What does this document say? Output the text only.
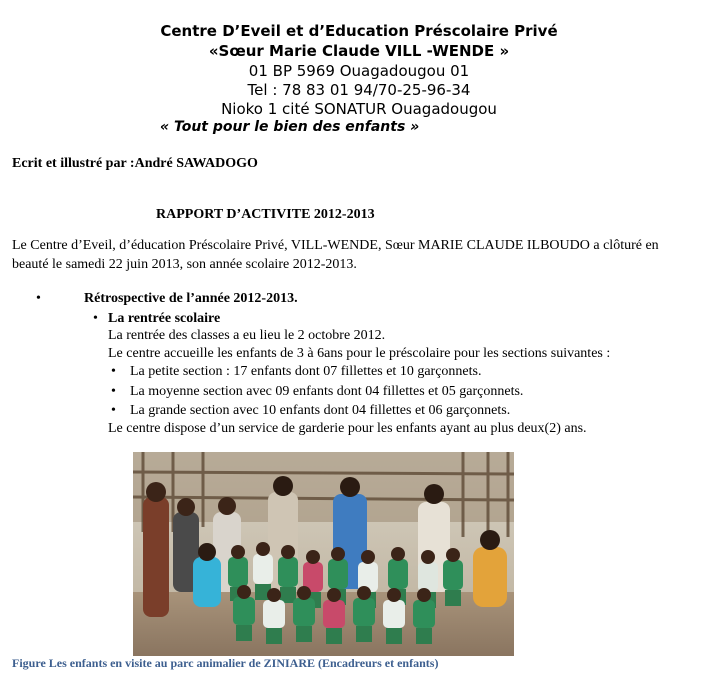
Centre D’Eveil et d’Education Préscolaire Privé
«Sœur Marie Claude VILL -WENDE »
01 BP 5969 Ouagadougou 01
Tel : 78 83 01 94/70-25-96-34
Nioko 1 cité SONATUR Ouagadougou
« Tout pour le bien des enfants »
Ecrit et illustré par :André SAWADOGO
RAPPORT D’ACTIVITE 2012-2013
Le Centre d’Eveil, d’éducation Préscolaire Privé, VILL-WENDE, Sœur MARIE CLAUDE ILBOUDO a clôturé en
beauté le samedi 22 juin 2013, son année scolaire 2012-2013.
•	Rétrospective de l’année 2012-2013.
• La rentrée scolaire
La rentrée des classes a eu lieu le 2 octobre 2012.
Le centre accueille les enfants de 3 à 6ans pour le préscolaire pour les sections suivantes :
• La petite section : 17 enfants dont 07 fillettes et 10 garçonnets.
• La moyenne section avec 09 enfants dont 04 fillettes et 05 garçonnets.
• La grande section avec 10 enfants dont 04 fillettes et 06 garçonnets.
Le centre dispose d’un service de garderie pour les enfants ayant au plus deux(2) ans.
Figure Les enfants en visite au parc animalier de ZINIARE (Encadreurs et enfants)
